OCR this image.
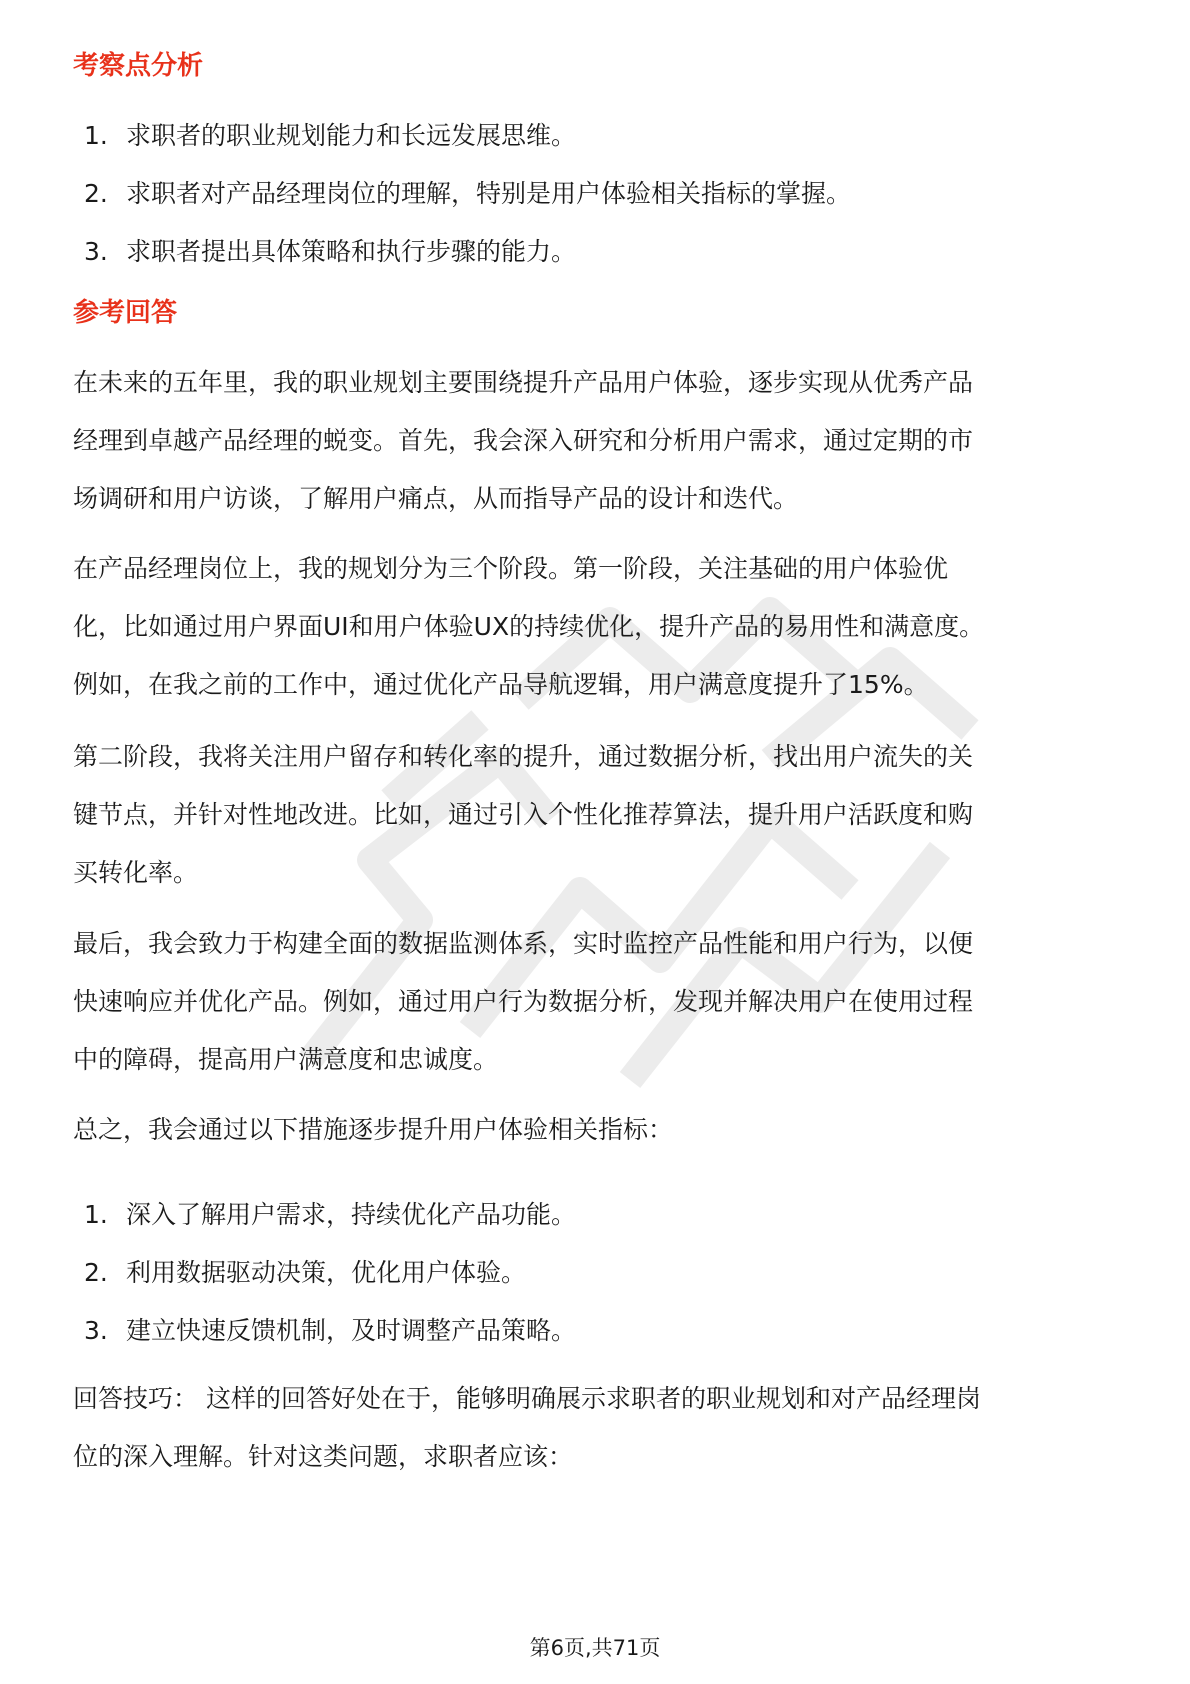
考察点分析
1. 求职者的职业规划能力和长远发展思维。
2. 求职者对产品经理岗位的理解，特别是用户体验相关指标的掌握。
3. 求职者提出具体策略和执行步骤的能力。
参考回答

在未来的五年里，我的职业规划主要围绕提升产品用户体验，逐步实现从优秀产品
经理到卓越产品经理的蜕变。首先，我会深入研究和分析用户需求，通过定期的市
场调研和用户访谈，了解用户痛点，从而指导产品的设计和迭代。

在产品经理岗位上，我的规划分为三个阶段。第一阶段，关注基础的用户体验优
化，比如通过用户界面UI和用户体验UX的持续优化，提升产品的易用性和满意度。
例如，在我之前的工作中，通过优化产品导航逻辑，用户满意度提升了15%。

第二阶段，我将关注用户留存和转化率的提升，通过数据分析，找出用户流失的关
键节点，并针对性地改进。比如，通过引入个性化推荐算法，提升用户活跃度和购
买转化率。

最后，我会致力于构建全面的数据监测体系，实时监控产品性能和用户行为，以便
快速响应并优化产品。例如，通过用户行为数据分析，发现并解决用户在使用过程
中的障碍，提高用户满意度和忠诚度。

总之，我会通过以下措施逐步提升用户体验相关指标：

1. 深入了解用户需求，持续优化产品功能。
2. 利用数据驱动决策，优化用户体验。
3. 建立快速反馈机制，及时调整产品策略。

回答技巧： 这样的回答好处在于，能够明确展示求职者的职业规划和对产品经理岗
位的深入理解。针对这类问题，求职者应该：

第6页,共71页
